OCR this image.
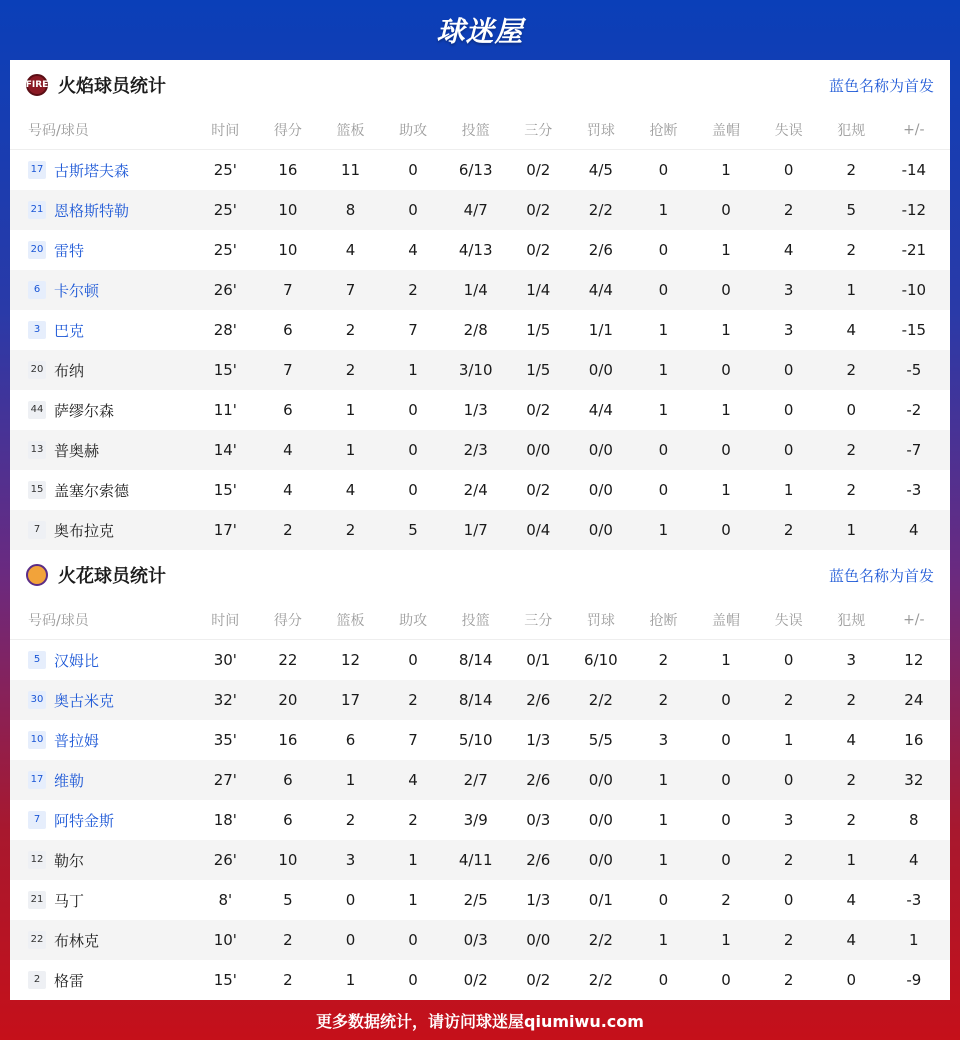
球迷屋
FIRE 火焰球员统计	蓝色名称为首发
号码/球员	时间	得分	篮板	助攻	投篮	三分	罚球	抢断	盖帽	失误	犯规	+/-
17 古斯塔夫森	25'	16	11	0	6/13	0/2	4/5	0	1	0	2	-14
21 恩格斯特勒	25'	10	8	0	4/7	0/2	2/2	1	0	2	5	-12
20 雷特	25'	10	4	4	4/13	0/2	2/6	0	1	4	2	-21
6 卡尔顿	26'	7	7	2	1/4	1/4	4/4	0	0	3	1	-10
3 巴克	28'	6	2	7	2/8	1/5	1/1	1	1	3	4	-15
20 布纳	15'	7	2	1	3/10	1/5	0/0	1	0	0	2	-5
44 萨缪尔森	11'	6	1	0	1/3	0/2	4/4	1	1	0	0	-2
13 普奥赫	14'	4	1	0	2/3	0/0	0/0	0	0	0	2	-7
15 盖塞尔索德	15'	4	4	0	2/4	0/2	0/0	0	1	1	2	-3
7 奥布拉克	17'	2	2	5	1/7	0/4	0/0	1	0	2	1	4
火花球员统计	蓝色名称为首发
号码/球员	时间	得分	篮板	助攻	投篮	三分	罚球	抢断	盖帽	失误	犯规	+/-
5 汉姆比	30'	22	12	0	8/14	0/1	6/10	2	1	0	3	12
30 奥古米克	32'	20	17	2	8/14	2/6	2/2	2	0	2	2	24
10 普拉姆	35'	16	6	7	5/10	1/3	5/5	3	0	1	4	16
17 维勒	27'	6	1	4	2/7	2/6	0/0	1	0	0	2	32
7 阿特金斯	18'	6	2	2	3/9	0/3	0/0	1	0	3	2	8
12 勒尔	26'	10	3	1	4/11	2/6	0/0	1	0	2	1	4
21 马丁	8'	5	0	1	2/5	1/3	0/1	0	2	0	4	-3
22 布林克	10'	2	0	0	0/3	0/0	2/2	1	1	2	4	1
2 格雷	15'	2	1	0	0/2	0/2	2/2	0	0	2	0	-9
更多数据统计，请访问球迷屋qiumiwu.com
